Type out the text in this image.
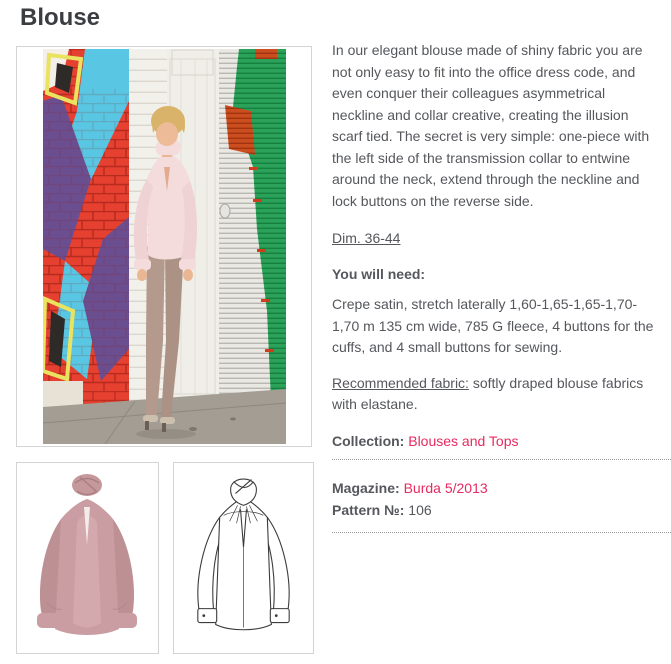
Blouse

In our elegant blouse made of shiny fabric you are not only easy to fit into the office dress code, and even conquer their colleagues asymmetrical neckline and collar creative, creating the illusion scarf tied. The secret is very simple: one-piece with the left side of the transmission collar to entwine around the neck, extend through the neckline and lock buttons on the reverse side.

Dim. 36-44

You will need:

Crepe satin, stretch laterally 1,60-1,65-1,65-1,70-1,70 m 135 cm wide, 785 G fleece, 4 buttons for the cuffs, and 4 small buttons for sewing.

Recommended fabric: softly draped blouse fabrics with elastane.

Collection: Blouses and Tops

Magazine: Burda 5/2013

Pattern №: 106
